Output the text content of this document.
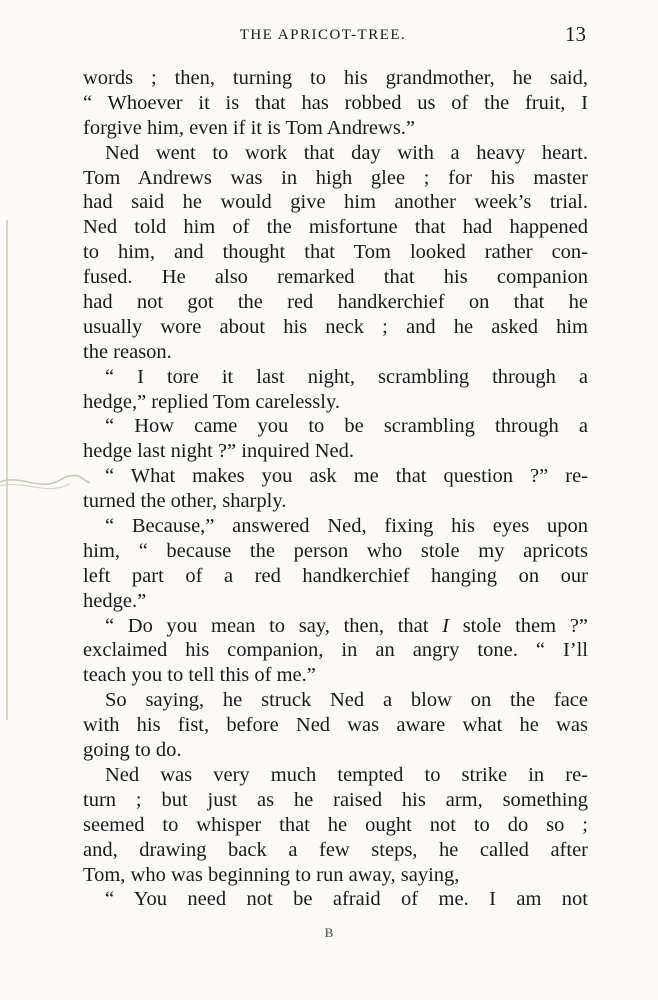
THE APRICOT-TREE.	13
words ; then, turning to his grandmother, he said,
“ Whoever it is that has robbed us of the fruit, I
forgive him, even if it is Tom Andrews.”
Ned went to work that day with a heavy heart.
Tom Andrews was in high glee ; for his master
had said he would give him another week’s trial.
Ned told him of the misfortune that had happened
to him, and thought that Tom looked rather con-
fused. He also remarked that his companion
had not got the red handkerchief on that he
usually wore about his neck ; and he asked him
the reason.
“ I tore it last night, scrambling through a
hedge,” replied Tom carelessly.
“ How came you to be scrambling through a
hedge last night ?” inquired Ned.
“ What makes you ask me that question ?” re-
turned the other, sharply.
“ Because,” answered Ned, fixing his eyes upon
him, “ because the person who stole my apricots
left part of a red handkerchief hanging on our
hedge.”
“ Do you mean to say, then, that I stole them ?”
exclaimed his companion, in an angry tone. “ I’ll
teach you to tell this of me.”
So saying, he struck Ned a blow on the face
with his fist, before Ned was aware what he was
going to do.
Ned was very much tempted to strike in re-
turn ; but just as he raised his arm, something
seemed to whisper that he ought not to do so ;
and, drawing back a few steps, he called after
Tom, who was beginning to run away, saying,
“ You need not be afraid of me. I am not
B
